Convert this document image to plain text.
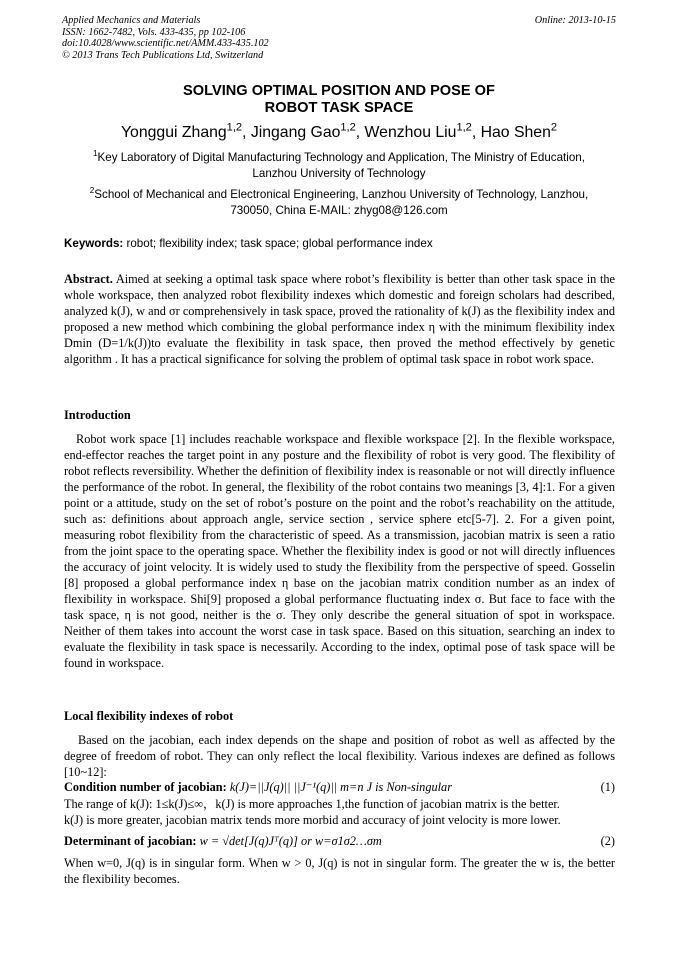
Applied Mechanics and Materials
ISSN: 1662-7482, Vols. 433-435, pp 102-106
doi:10.4028/www.scientific.net/AMM.433-435.102
© 2013 Trans Tech Publications Ltd, Switzerland
Online: 2013-10-15
SOLVING OPTIMAL POSITION AND POSE OF
ROBOT TASK SPACE
Yonggui Zhang$^{1,2}$, Jingang Gao$^{1,2}$, Wenzhou Liu$^{1,2}$, Hao Shen$^2$
$^1$Key Laboratory of Digital Manufacturing Technology and Application, The Ministry of Education,
Lanzhou University of Technology
$^2$School of Mechanical and Electronical Engineering, Lanzhou University of Technology, Lanzhou,
730050, China E-MAIL: zhyg08@126.com
Keywords: robot; flexibility index; task space; global performance index
Abstract. Aimed at seeking a optimal task space where robot’s flexibility is better than other task space in the whole workspace, then analyzed robot flexibility indexes which domestic and foreign scholars had described, analyzed k(J), w and σr comprehensively in task space, proved the rationality of k(J) as the flexibility index and proposed a new method which combining the global performance index η with the minimum flexibility index Dmin (D=1/k(J))to evaluate the flexibility in task space, then proved the method effectively by genetic algorithm . It has a practical significance for solving the problem of optimal task space in robot work space.
Introduction
Robot work space [1] includes reachable workspace and flexible workspace [2]. In the flexible workspace, end-effector reaches the target point in any posture and the flexibility of robot is very good. The flexibility of robot reflects reversibility. Whether the definition of flexibility index is reasonable or not will directly influence the performance of the robot. In general, the flexibility of the robot contains two meanings [3, 4]:1. For a given point or a attitude, study on the set of robot’s posture on the point and the robot’s reachability on the attitude, such as: definitions about approach angle, service section , service sphere etc[5-7]. 2. For a given point, measuring robot flexibility from the characteristic of speed. As a transmission, jacobian matrix is seen a ratio from the joint space to the operating space. Whether the flexibility index is good or not will directly influences the accuracy of joint velocity. It is widely used to study the flexibility from the perspective of speed. Gosselin [8] proposed a global performance index η base on the jacobian matrix condition number as an index of flexibility in workspace. Shi[9] proposed a global performance fluctuating index σ. But face to face with the task space, η is not good, neither is the σ. They only describe the general situation of spot in workspace. Neither of them takes into account the worst case in task space. Based on this situation, searching an index to evaluate the flexibility in task space is necessarily. According to the index, optimal pose of task space will be found in workspace.
Local flexibility indexes of robot
Based on the jacobian, each index depends on the shape and position of robot as well as affected by the degree of freedom of robot. They can only reflect the local flexibility. Various indexes are defined as follows [10~12]:
Condition number of jacobian: k(J)=||J(q)|| ||J⁻¹(q)|| m=n J is Non-singular	(1)
The range of k(J): 1≤k(J)≤∞，k(J) is more approaches 1,the function of jacobian matrix is the better.
k(J) is more greater, jacobian matrix tends more morbid and accuracy of joint velocity is more lower.
Determinant of jacobian: w = √det[J(q)Jᵀ(q)] or w=σ1σ2…σm	(2)
When w=0, J(q) is in singular form. When w > 0, J(q) is not in singular form. The greater the w is, the better the flexibility becomes.
